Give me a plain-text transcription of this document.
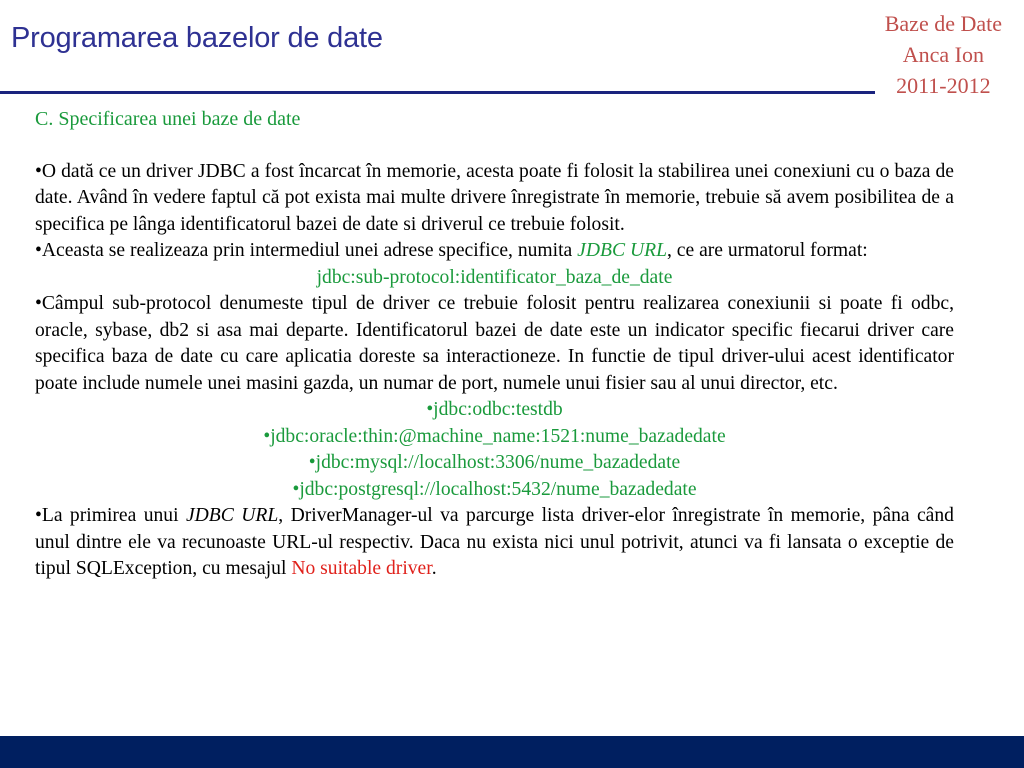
Programarea bazelor de date	Baze de Date
Anca Ion
2011-2012

C. Specificarea unei baze de date

•O dată ce un driver JDBC a fost încarcat în memorie, acesta poate fi folosit la stabilirea unei conexiuni cu o baza de date. Având în vedere faptul că pot exista mai multe drivere înregistrate în memorie, trebuie să avem posibilitea de a specifica pe lânga identificatorul bazei de date si driverul ce trebuie folosit.

•Aceasta se realizeaza prin intermediul unei adrese specifice, numita JDBC URL, ce are urmatorul format:

jdbc:sub-protocol:identificator_baza_de_date

•Câmpul sub-protocol denumeste tipul de driver ce trebuie folosit pentru realizarea conexiunii si poate fi odbc, oracle, sybase, db2 si asa mai departe. Identificatorul bazei de date este un indicator specific fiecarui driver care specifica baza de date cu care aplicatia doreste sa interactioneze. In functie de tipul driver-ului acest identificator poate include numele unei masini gazda, un numar de port, numele unui fisier sau al unui director, etc.

•jdbc:odbc:testdb

•jdbc:oracle:thin:@machine_name:1521:nume_bazadedate

•jdbc:mysql://localhost:3306/nume_bazadedate

•jdbc:postgresql://localhost:5432/nume_bazadedate

•La primirea unui JDBC URL, DriverManager-ul va parcurge lista driver-elor înregistrate în memorie, pâna când unul dintre ele va recunoaste URL-ul respectiv. Daca nu exista nici unul potrivit, atunci va fi lansata o exceptie de tipul SQLException, cu mesajul No suitable driver.
